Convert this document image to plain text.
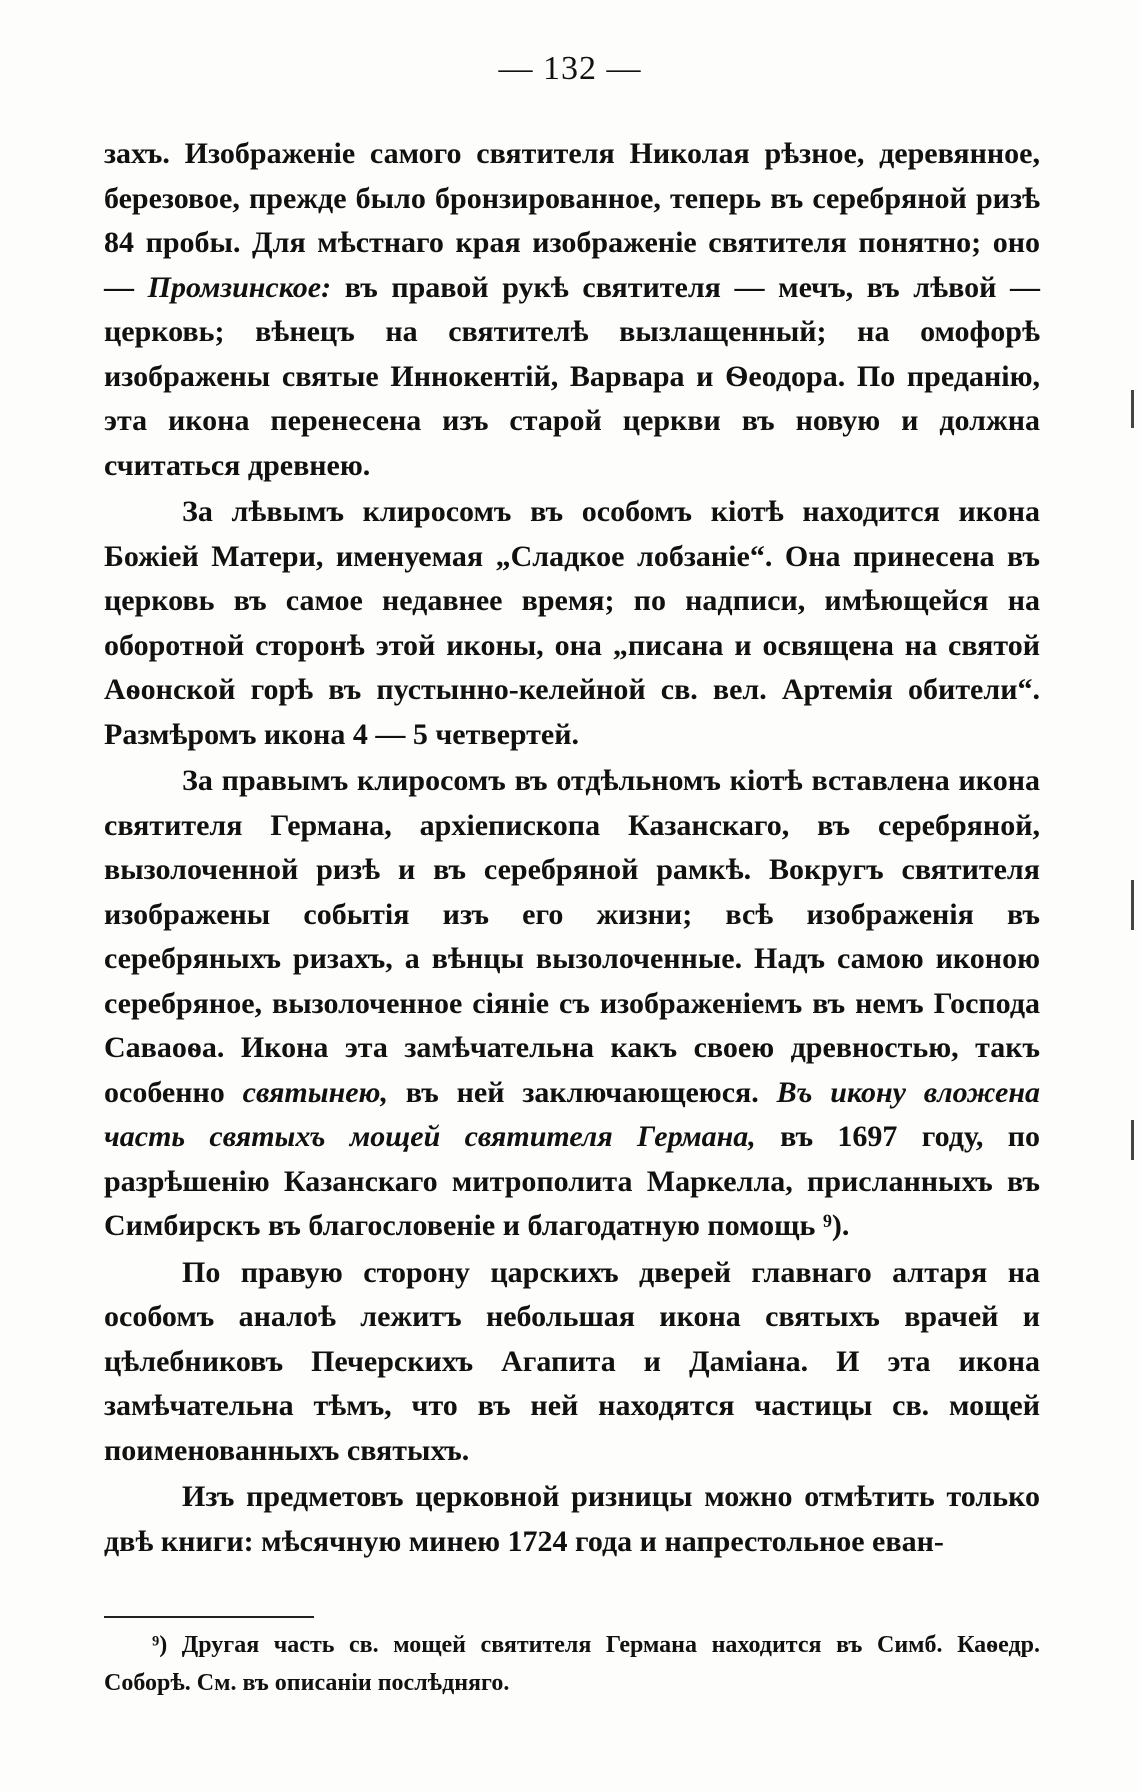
— 132 —

захъ. Изображеніе самого святителя Николая рѣзное, деревянное, березовое, прежде было бронзированное, теперь въ серебряной ризѣ 84 пробы. Для мѣстнаго края изображеніе святителя понятно; оно — Промзинское: въ правой рукѣ святителя — мечъ, въ лѣвой — церковь; вѣнецъ на святителѣ вызлащенный; на омофорѣ изображены святые Иннокентій, Варвара и Ѳеодора. По преданію, эта икона перенесена изъ старой церкви въ новую и должна считаться древнею.

За лѣвымъ клиросомъ въ особомъ кіотѣ находится икона Божіей Матери, именуемая „Сладкое лобзаніе“. Она принесена въ церковь въ самое недавнее время; по надписи, имѣющейся на оборотной сторонѣ этой иконы, она „писана и освящена на святой Аѳонской горѣ въ пустынно-келейной св. вел. Артемія обители“. Размѣромъ икона 4 — 5 четвертей.

За правымъ клиросомъ въ отдѣльномъ кіотѣ вставлена икона святителя Германа, архіепископа Казанскаго, въ серебряной, вызолоченной ризѣ и въ серебряной рамкѣ. Вокругъ святителя изображены событія изъ его жизни; всѣ изображенія въ серебряныхъ ризахъ, а вѣнцы вызолоченные. Надъ самою иконою серебряное, вызолоченное сіяніе съ изображеніемъ въ немъ Господа Саваоѳа. Икона эта замѣчательна какъ своею древностью, такъ особенно святынею, въ ней заключающеюся. Въ икону вложена часть святыхъ мощей святителя Германа, въ 1697 году, по разрѣшенію Казанскаго митрополита Маркелла, присланныхъ въ Симбирскъ въ благословеніе и благодатную помощь ⁹).

По правую сторону царскихъ дверей главнаго алтаря на особомъ аналоѣ лежитъ небольшая икона святыхъ врачей и цѣлебниковъ Печерскихъ Агапита и Даміана. И эта икона замѣчательна тѣмъ, что въ ней находятся частицы св. мощей поименованныхъ святыхъ.

Изъ предметовъ церковной ризницы можно отмѣтить только двѣ книги: мѣсячную минею 1724 года и напрестольное еван-

⁹) Другая часть св. мощей святителя Германа находится въ Симб. Каѳедр. Соборѣ. См. въ описаніи послѣдняго.
